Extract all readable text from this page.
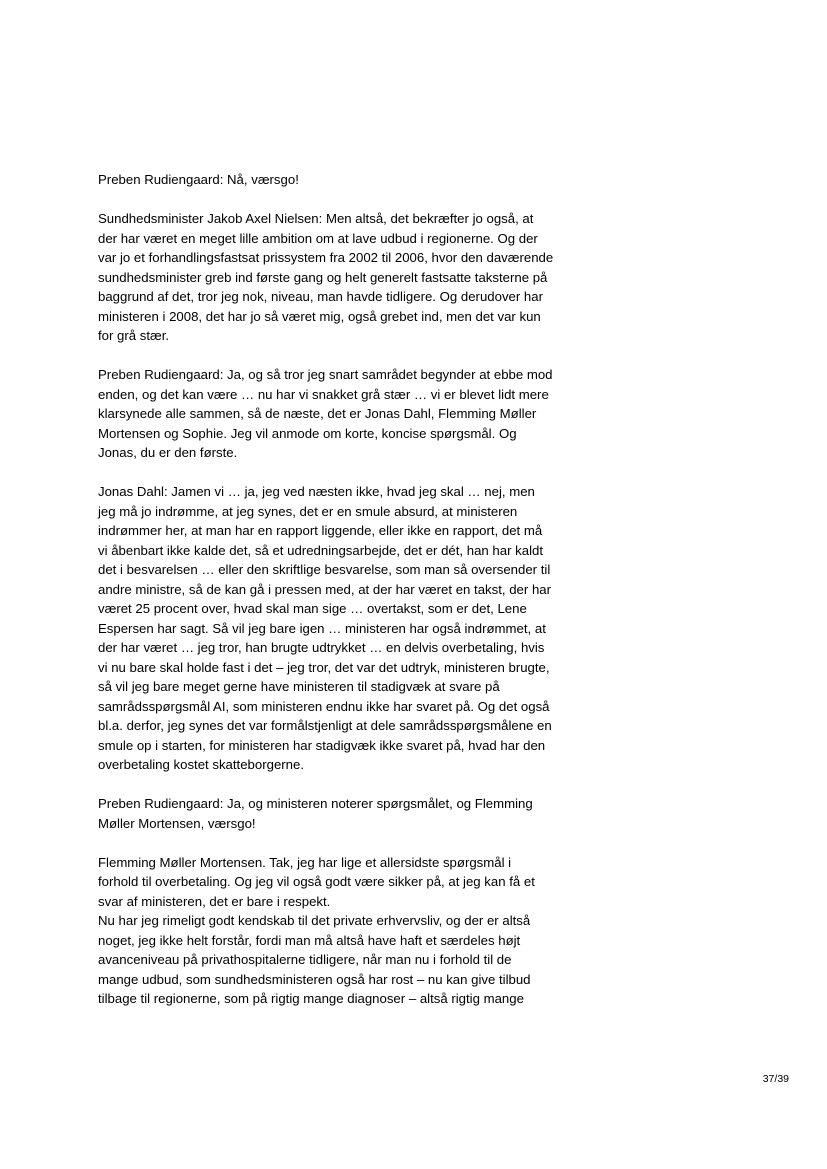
Preben Rudiengaard: Nå, værsgo!
Sundhedsminister Jakob Axel Nielsen: Men altså, det bekræfter jo også, at
der har været en meget lille ambition om at lave udbud i regionerne. Og der
var jo et forhandlingsfastsat prissystem fra 2002 til 2006, hvor den daværende
sundhedsminister greb ind første gang og helt generelt fastsatte taksterne på
baggrund af det, tror jeg nok, niveau, man havde tidligere. Og derudover har
ministeren i 2008, det har jo så været mig, også grebet ind, men det var kun
for grå stær.
Preben Rudiengaard: Ja, og så tror jeg snart samrådet begynder at ebbe mod
enden, og det kan være … nu har vi snakket grå stær … vi er blevet lidt mere
klarsynede alle sammen, så de næste, det er Jonas Dahl, Flemming Møller
Mortensen og Sophie. Jeg vil anmode om korte, koncise spørgsmål. Og
Jonas, du er den første.
Jonas Dahl: Jamen vi … ja, jeg ved næsten ikke, hvad jeg skal … nej, men
jeg må jo indrømme, at jeg synes, det er en smule absurd, at ministeren
indrømmer her, at man har en rapport liggende, eller ikke en rapport, det må
vi åbenbart ikke kalde det, så et udredningsarbejde, det er dét, han har kaldt
det i besvarelsen … eller den skriftlige besvarelse, som man så oversender til
andre ministre, så de kan gå i pressen med, at der har været en takst, der har
været 25 procent over, hvad skal man sige … overtakst, som er det, Lene
Espersen har sagt. Så vil jeg bare igen … ministeren har også indrømmet, at
der har været … jeg tror, han brugte udtrykket … en delvis overbetaling, hvis
vi nu bare skal holde fast i det – jeg tror, det var det udtryk, ministeren brugte,
så vil jeg bare meget gerne have ministeren til stadigvæk at svare på
samrådsspørgsmål AI, som ministeren endnu ikke har svaret på. Og det også
bl.a. derfor, jeg synes det var formålstjenligt at dele samrådsspørgsmålene en
smule op i starten, for ministeren har stadigvæk ikke svaret på, hvad har den
overbetaling kostet skatteborgerne.
Preben Rudiengaard: Ja, og ministeren noterer spørgsmålet, og Flemming
Møller Mortensen, værsgo!
Flemming Møller Mortensen. Tak, jeg har lige et allersidste spørgsmål i
forhold til overbetaling. Og jeg vil også godt være sikker på, at jeg kan få et
svar af ministeren, det er bare i respekt.
Nu har jeg rimeligt godt kendskab til det private erhvervsliv, og der er altså
noget, jeg ikke helt forstår, fordi man må altså have haft et særdeles højt
avanceniveau på privathospitalerne tidligere, når man nu i forhold til de
mange udbud, som sundhedsministeren også har rost – nu kan give tilbud
tilbage til regionerne, som på rigtig mange diagnoser – altså rigtig mange
37/39
